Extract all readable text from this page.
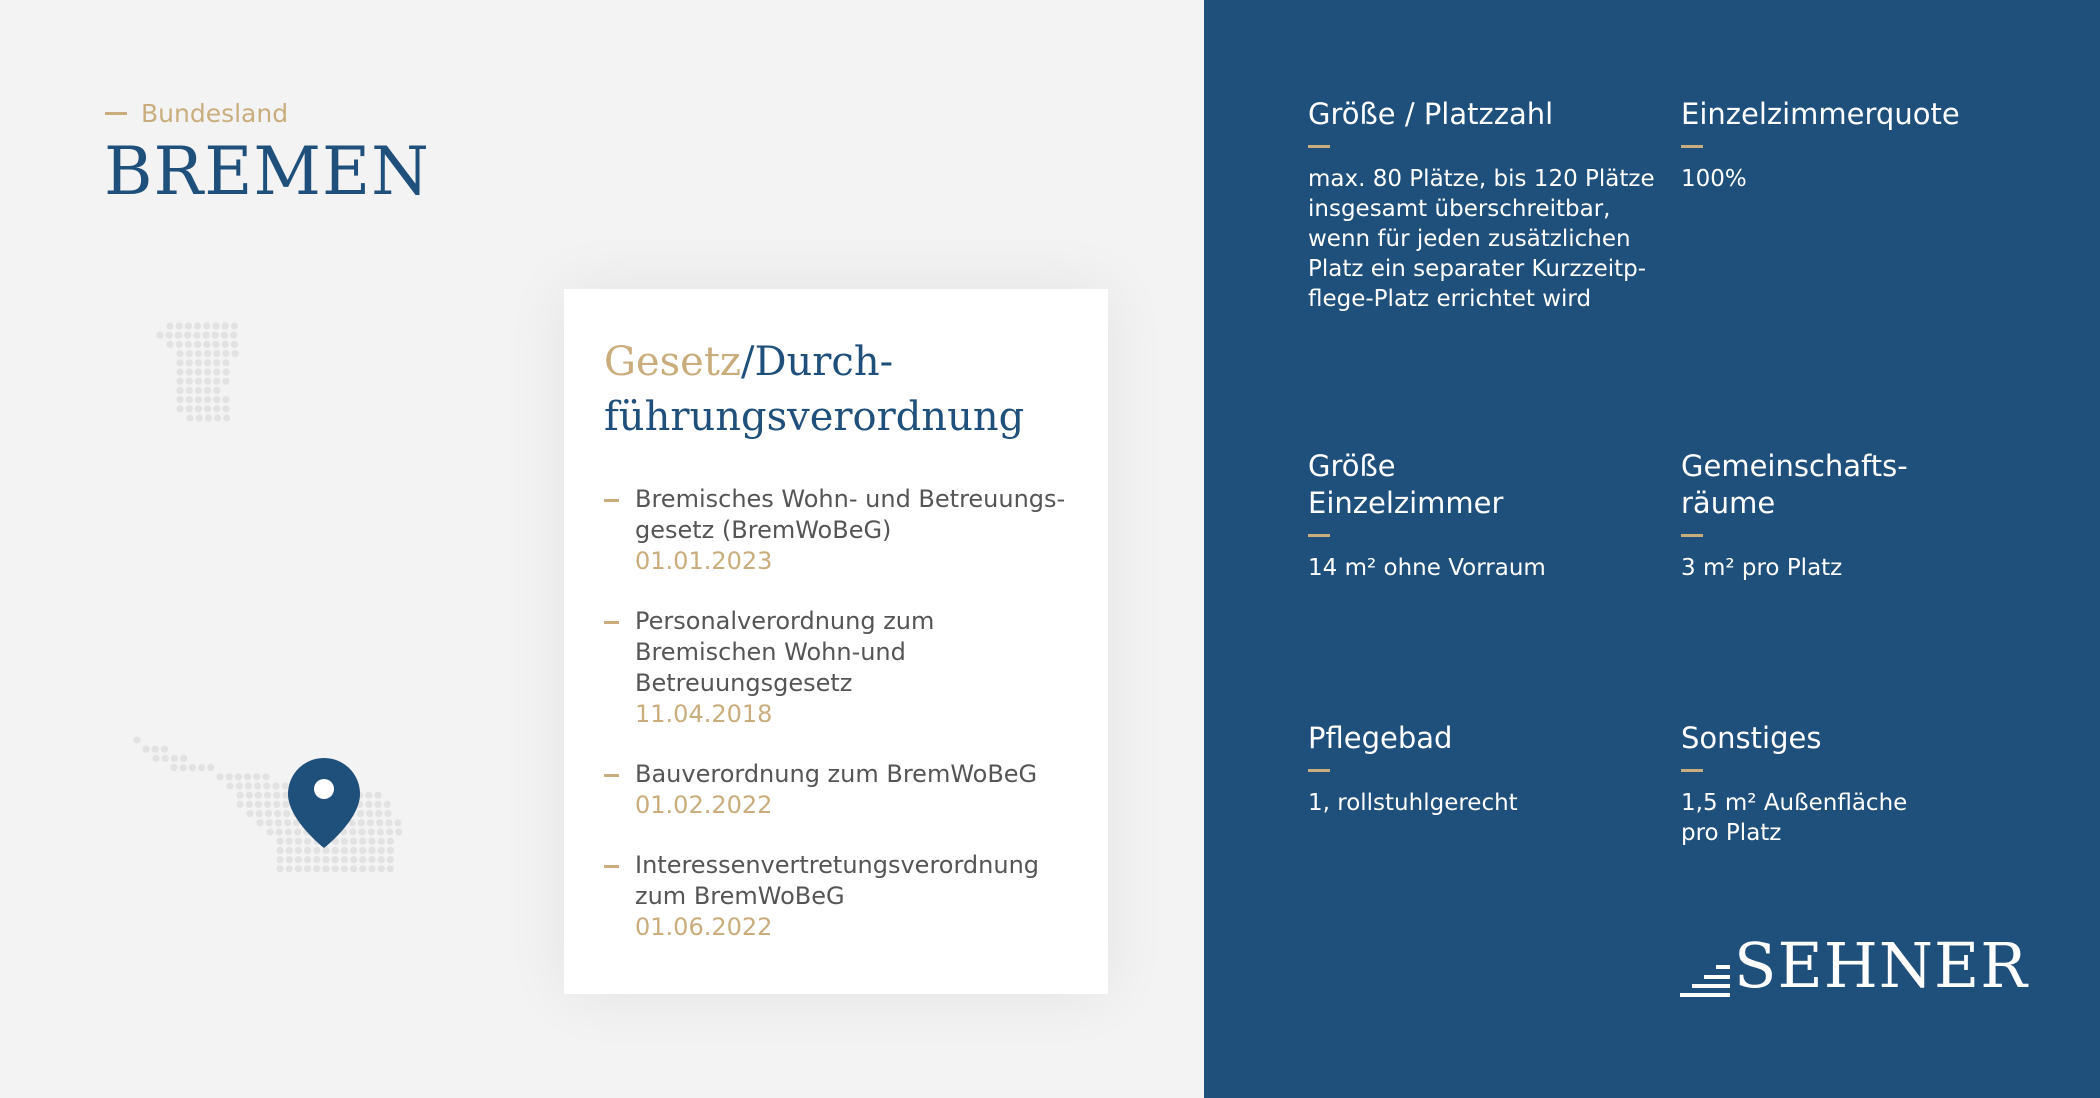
Bundesland
BREMEN
Gesetz/Durch-
führungsverordnung
Bremisches Wohn- und Betreuungs-
gesetz (BremWoBeG)
01.01.2023
Personalverordnung zum
Bremischen Wohn-und
Betreuungsgesetz
11.04.2018
Bauverordnung zum BremWoBeG
01.02.2022
Interessenvertretungsverordnung
zum BremWoBeG
01.06.2022
Größe / Platzzahl
max. 80 Plätze, bis 120 Plätze
insgesamt überschreitbar,
wenn für jeden zusätzlichen
Platz ein separater Kurzzeitp-
flege-Platz errichtet wird
Einzelzimmerquote
100%
Größe
Einzelzimmer
14 m² ohne Vorraum
Gemeinschafts-
räume
3 m² pro Platz
Pflegebad
1, rollstuhlgerecht
Sonstiges
1,5 m² Außenfläche
pro Platz
SEHNER
